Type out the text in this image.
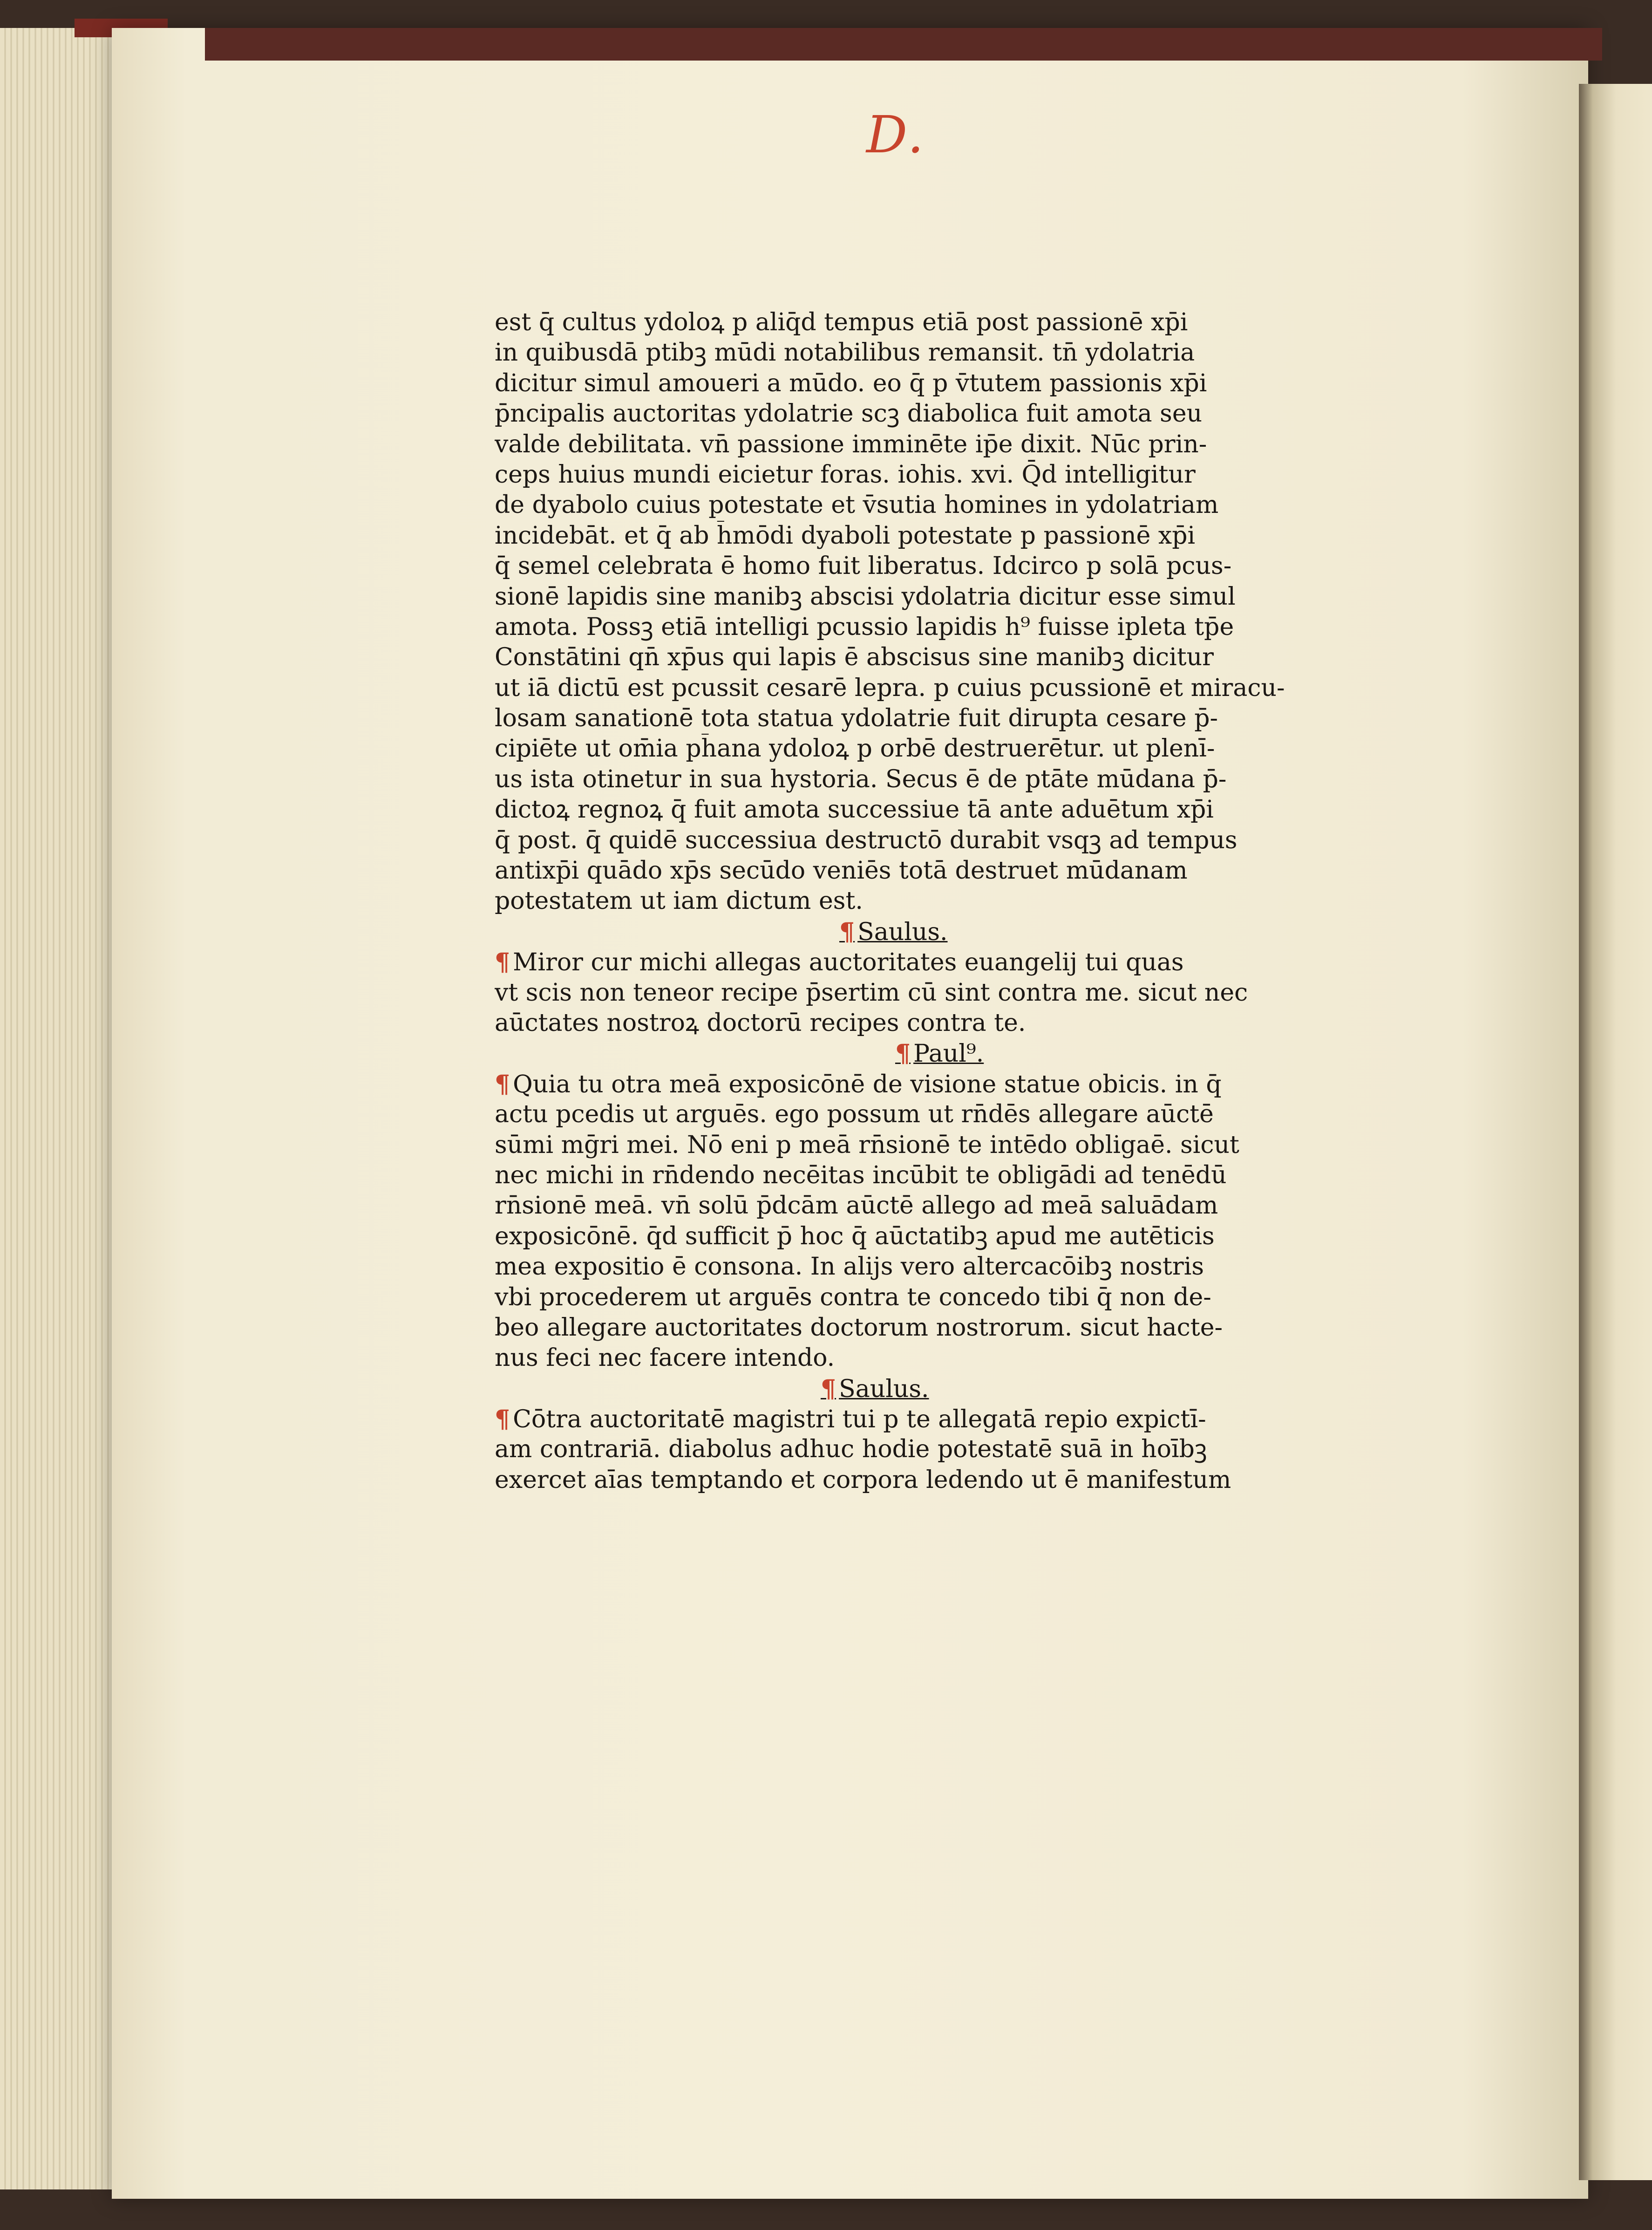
D.
est q̄ cultus ydoloꝝ p aliq̄d tempus etiā post passionē xp̄i
in quibusdā ptibꝫ mūdi notabilibus remansit. tn̄ ydolatria
dicitur simul amoueri a mūdo. eo q̄ p v̄tutem passionis xp̄i
p̄ncipalis auctoritas ydolatrie scꝫ diabolica fuit amota seu
valde debilitata. vn̄ passione imminēte ip̄e dixit. Nūc prin-
ceps huius mundi eicietur foras. iohis. xvi. Q̄d intelligitur
de dyabolo cuius potestate et v̄sutia homines in ydolatriam
incidebāt. et q̄ ab h̄mōdi dyaboli potestate p passionē xp̄i
q̄ semel celebrata ē homo fuit liberatus. Idcirco p solā pcus-
sionē lapidis sine manibꝫ abscisi ydolatria dicitur esse simul
amota. Possꝫ etiā intelligi pcussio lapidis h⁹ fuisse ipleta tp̄e
Constātini qn̄ xp̄us qui lapis ē abscisus sine manibꝫ dicitur
ut iā dictū est pcussit cesarē lepra. p cuius pcussionē et miracu-
losam sanationē tota statua ydolatrie fuit dirupta cesare p̄-
cipiēte ut om̄ia ph̄ana ydoloꝝ p orbē destruerētur. ut plenī-
us ista otinetur in sua hystoria. Secus ē de ptāte mūdana p̄-
dictoꝝ regnoꝝ q̄ fuit amota successiue tā ante aduētum xp̄i
q̄ post. q̄ quidē successiua destructō durabit vsqꝫ ad tempus
antixp̄i quādo xp̄s secūdo veniēs totā destruet mūdanam
potestatem ut iam dictum est.
¶ Saulus.
¶ Miror cur michi allegas auctoritates euangelij tui quas
vt scis non teneor recipe p̄sertim cū sint contra me. sicut nec
aūctates nostroꝝ doctorū recipes contra te.
¶ Paul⁹.
¶ Quia tu otra meā exposicōnē de visione statue obicis. in q̄
actu pcedis ut arguēs. ego possum ut rn̄dēs allegare aūctē
sūmi mḡri mei. Nō eni p meā rn̄sionē te intēdo obligaē. sicut
nec michi in rn̄dendo necēitas incūbit te obligādi ad tenēdū
rn̄sionē meā. vn̄ solū p̄dcām aūctē allego ad meā saluādam
exposicōnē. q̄d sufficit p̄ hoc q̄ aūctatibꝫ apud me autēticis
mea expositio ē consona. In alijs vero altercacōibꝫ nostris
vbi procederem ut arguēs contra te concedo tibi q̄ non de-
beo allegare auctoritates doctorum nostrorum. sicut hacte-
nus feci nec facere intendo.
¶ Saulus.
¶ Cōtra auctoritatē magistri tui p te allegatā repio expictī-
am contrariā. diabolus adhuc hodie potestatē suā in hoībꝫ
exercet aīas temptando et corpora ledendo ut ē manifestum
